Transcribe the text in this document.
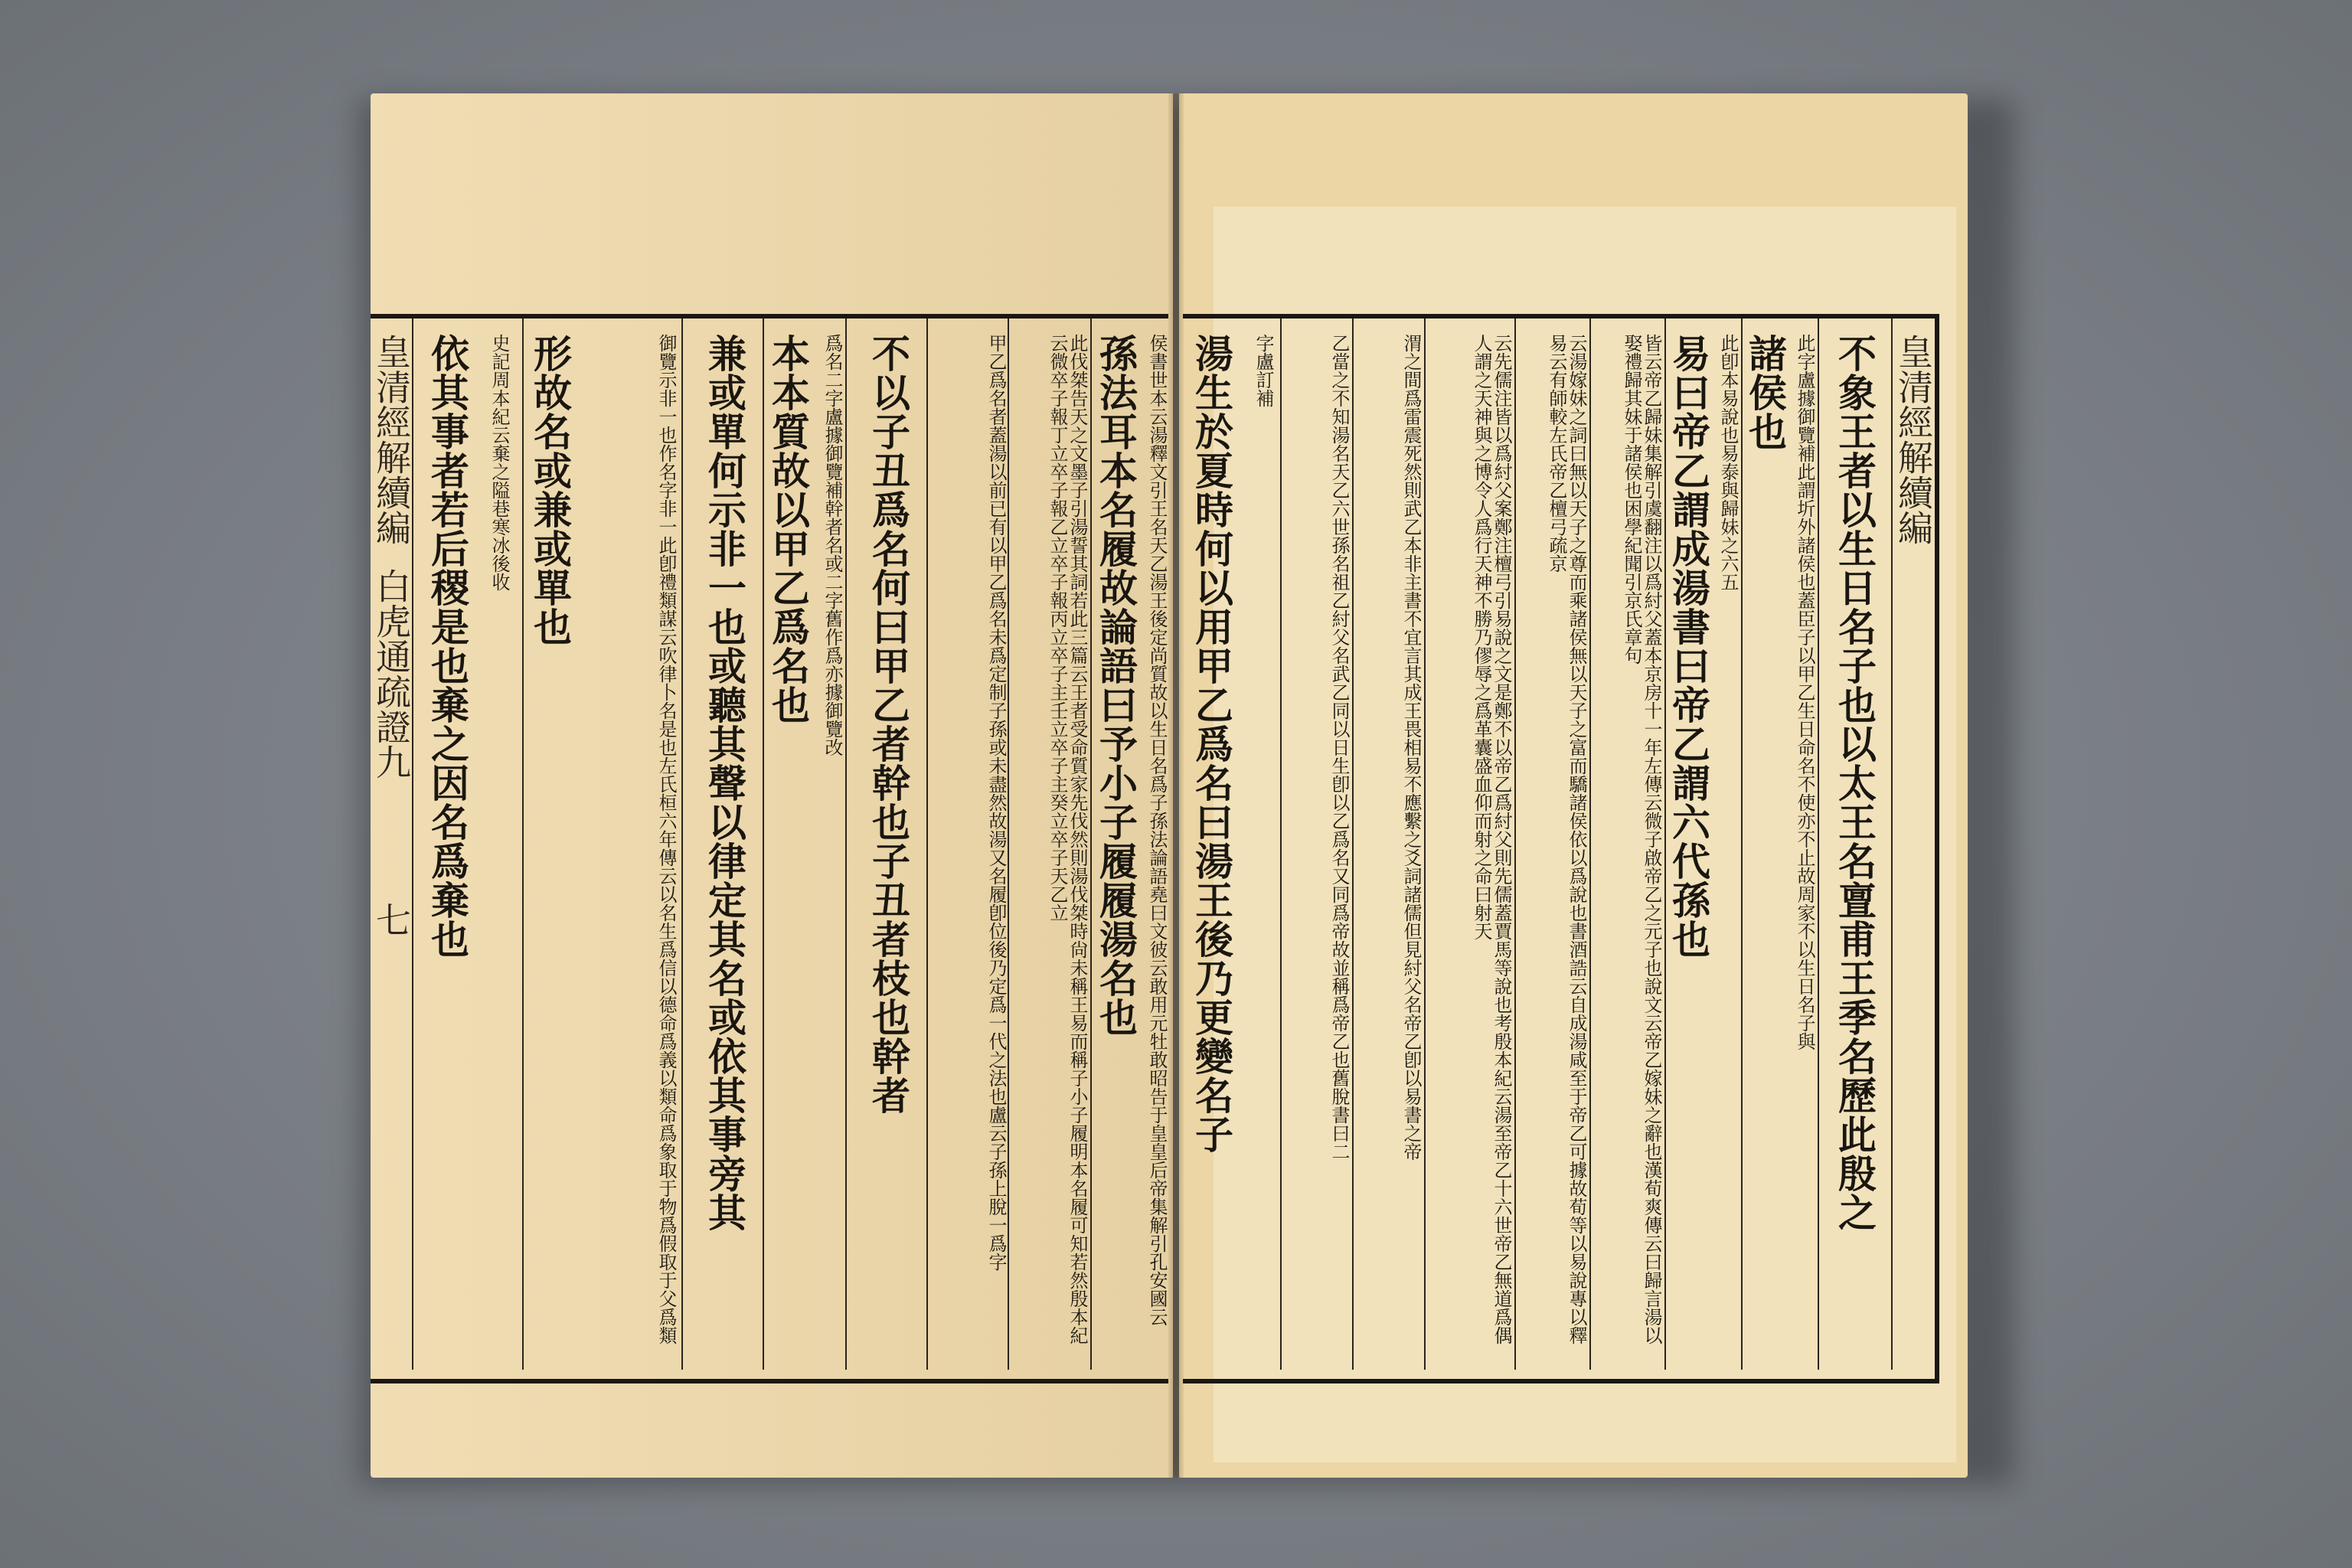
皇清經解續編
白虎通疏證九
七	孫法耳本名履故論語曰予小子履履湯名也 侯書世本云湯釋文引王名天乙湯王後定尚質故以生日名爲子孫法論語堯曰文彼云敢用元牡敢昭告于皇皇后帝集解引孔安國云
此伐桀告天之文墨子引湯誓其詞若此三篇云王者受命質家先伐然則湯伐桀時尙未稱王易而稱子小子履明本名履可知若然殷本紀云微卒子報丁立卒子報乙立卒子報丙立卒子主壬立卒子主癸立卒子天乙立
甲乙爲名者蓋湯以前已有以甲乙爲名未爲定制子孫或未盡然故湯又名履卽位後乃定爲一代之法也盧云子孫上脫一爲字
不以子丑爲名何曰甲乙者幹也子丑者枝也幹者
本本質故以甲乙爲名也 爲名二字盧據御覽補幹者名或二字舊作爲亦據御覽改
兼或單何示非一也或聽其聲以律定其名或依其事旁其
形故名或兼或單也	御覽示非一也作名字非一此卽禮類謀云吹律卜名是也左氏桓六年傳云以名生爲信以德命爲義以類命爲象取于物爲假取于父爲類
依其事者若后稷是也棄之因名爲棄也	史記周本紀云棄之隘巷寒冰後收	皇清經解續編
不象王者以生日名子也以太王名亶甫王季名歷此殷之
諸侯也 此字盧據御覽補此謂圻外諸侯也蓋臣子以甲乙生日命名不使亦不止故周家不以生日名子與
易曰帝乙謂成湯書曰帝乙謂六代孫也 此卽本易說也易泰與歸妹之六五
皆云帝乙歸妹集解引虞翻注以爲紂父蓋本京房十一年左傳云微子啟帝乙之元子也說文云帝乙嫁妹之辭也漢荀爽傳云曰歸言湯以娶禮歸其妹于諸侯也困學紀聞引京氏章句
云湯嫁妹之詞曰無以天子之尊而乘諸侯無以天子之富而驕諸侯依以爲說也書酒誥云自成湯咸至于帝乙可據故荀等以易說專以釋易云有師較左氏帝乙檀弓疏京
云先儒注皆以爲紂父案鄭注檀弓引易說之文是鄭不以帝乙爲紂父則先儒蓋賈馬等說也考殷本紀云湯至帝乙十六世帝乙無道爲偶人謂之天神與之博令人爲行天神不勝乃僇辱之爲革囊盛血仰而射之命曰射天
渭之間爲雷震死然則武乙本非主書不宜言其成王畏相易不應繫之爻詞諸儒但見紂父名帝乙卽以易書之帝
乙當之不知湯名天乙六世孫名祖乙紂父名武乙同以日生卽以乙爲名又同爲帝故並稱爲帝乙也舊脫書曰二
湯生於夏時何以用甲乙爲名曰湯王後乃更變名子	字盧訂補
